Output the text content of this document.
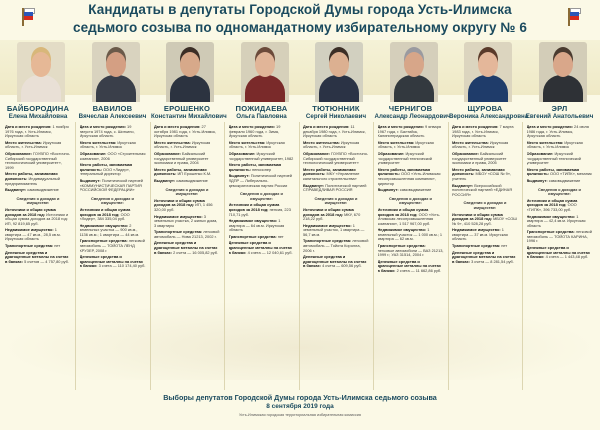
Кандидаты в депутаты Городской Думы города Усть-Илимска
седьмого созыва по одномандатному избирательному округу № 6
БАЙБОРОДИНА
Елена Михайловна

Дата и место рождения: 1 ноября 1976 года, г. Усть-Илимск, Иркутская область

Место жительства: Иркутская область, г. Усть-Илимск

Образование: ГОУВПО «Восточно-Сибирский государственный технологический университет», 1999

Место работы, занимаемая должность: Индивидуальный предприниматель

Выдвинут: самовыдвижение

Сведения о доходах и имуществе:

Источники и общая сумма доходов за 2018 год: Источники и общая сумма доходов за 2018 год: ИП, 92 819,65 руб.

Недвижимое имущество: 1 квартира — 47 кв.м., 28,5 кв.м. Иркутская область

Транспортные средства: нет

Денежные средства и драгоценные металлы на счетах в банках: 5 счетов — 4 757,80 руб.

ВАВИЛОВ
Вячеслав Алексеевич

Дата и место рождения: 19 августа 1974 года, с. Шиткино, Иркутская область

Место жительства: Иркутская область, г. Усть-Илимск

Образование: ООО «Строительная компания», 2006

Место работы, занимаемая должность: ООО «Лидер», генеральный директор

Выдвинут: Политической партией «КОММУНИСТИЧЕСКАЯ ПАРТИЯ РОССИЙСКОЙ ФЕДЕРАЦИИ»

Сведения о доходах и имуществе:

Источники и общая сумма доходов за 2018 год: ООО «Лидер», 384 335,04 руб.

Недвижимое имущество: 2 земельных участка — 900 кв.м., 1136 кв.м.; 1 квартира — 44 кв.м.

Транспортные средства: легковой автомобиль — ТОЙОТА ЛЕНД КРУЗЕР, 2008 г.

Денежные средства и драгоценные металлы на счетах в банках: 3 счета — 110 174,40 руб.

ЕРОШЕНКО
Константин Михайлович

Дата и место рождения: 27 октября 1981 года, г. Усть-Илимск, Иркутская область

Место жительства: Иркутская область, г. Усть-Илимск

Образование: Байкальский государственный университет экономики и права, 2004

Место работы, занимаемая должность: ИП Ерошенко К.М.

Выдвинут: самовыдвижение

Сведения о доходах и имуществе:

Источники и общая сумма доходов за 2018 год: ИП, 1 456 320,00 руб.

Недвижимое имущество: 3 земельных участка, 2 жилых дома, 3 квартиры

Транспортные средства: легковой автомобиль — Нива 21213, 2002 г.

Денежные средства и драгоценные металлы на счетах в банках: 2 счета — 16 005,82 руб.

ПОЖИДАЕВА
Ольга Павловна

Дата и место рождения: 19 февраля 1960 года, г. Зима, Иркутская область

Место жительства: Иркутская область, г. Усть-Илимск

Образование: Иркутский государственный университет, 1982

Место работы, занимаемая должность: пенсионер

Выдвинут: Политической партией ЛДПР — Либерально-демократическая партия России

Сведения о доходах и имуществе:

Источники и общая сумма доходов за 2018 год: пенсия, 223 710,71 руб.

Недвижимое имущество: 1 квартира — 64 кв.м. Иркутская область

Транспортные средства: нет

Денежные средства и драгоценные металлы на счетах в банках: 4 счета — 12 040,61 руб.

ТЮТЮННИК
Сергей Николаевич

Дата и место рождения: 11 декабря 1980 года, г. Усть-Илимск, Иркутская область

Место жительства: Иркутская область, г. Усть-Илимск

Образование: ГОУВПО «Восточно-Сибирский государственный технологический университет»

Место работы, занимаемая должность: МКУ «Управление капитального строительства»

Выдвинут: Политической партией СПРАВЕДЛИВАЯ РОССИЯ

Сведения о доходах и имуществе:

Источники и общая сумма доходов за 2018 год: МКУ, 670 218,22 руб.

Недвижимое имущество: 1 земельный участок, 1 квартира — 56,7 кв.м.

Транспортные средства: легковой автомобиль — Тойота Королла, 2006 г.

Денежные средства и драгоценные металлы на счетах в банках: 4 счета — 609,56 руб.

ЧЕРНИГОВ
Александр Леонардович

Дата и место рождения: 9 января 1967 года, г. Балтийск, Калининградская область

Место жительства: Иркутская область, г. Усть-Илимск

Образование: Иркутский государственный технический университет

Место работы, занимаемая должность: ООО «Усть-Илимская лесопромышленная компания», директор

Выдвинут: самовыдвижение

Сведения о доходах и имуществе:

Источники и общая сумма доходов за 2018 год: ООО «Усть-Илимская лесопромышленная компания», 1 517 967,00 руб.

Недвижимое имущество: 1 земельный участок — 1 000 кв.м.; 1 квартира — 62 кв.м.

Транспортные средства: легковые автомобили — ВАЗ 21213, 1999 г.; УАЗ 31514, 2004 г.

Денежные средства и драгоценные металлы на счетах в банках: 2 счета — 11 662,86 руб.

ЩУРОВА
Вероника Александровна

Дата и место рождения: 7 марта 1983 года, г. Усть-Илимск, Иркутская область

Место жительства: Иркутская область, г. Усть-Илимск

Образование: Байкальский государственный университет экономики и права, 2005

Место работы, занимаемая должность: МБОУ «СОШ № 9», учитель

Выдвинут: Всероссийской политической партией «ЕДИНАЯ РОССИЯ»

Сведения о доходах и имуществе:

Источники и общая сумма доходов за 2018 год: МБОУ «СОШ № 9», 410 528,28 руб.

Недвижимое имущество: 1 квартира — 37 кв.м. Иркутская область

Транспортные средства: нет

Денежные средства и драгоценные металлы на счетах в банках: 3 счета — 8 281,54 руб.

ЭРЛ
Евгений Анатольевич

Дата и место рождения: 24 июля 1986 года, г. Усть-Илимск, Иркутская область

Место жительства: Иркутская область, г. Усть-Илимск

Образование: Иркутский государственный технический университет

Место работы, занимаемая должность: ООО «ТИПК», механик

Выдвинут: самовыдвижение

Сведения о доходах и имуществе:

Источники и общая сумма доходов за 2018 год: ООО «ТИПК», 396 733,00 руб.

Недвижимое имущество: 1 квартира — 42,4 кв.м. Иркутская область

Транспортные средства: легковой автомобиль — ТОЙОТА КАРИНА, 1996 г.

Денежные средства и драгоценные металлы на счетах в банках: 4 счета — 1 443,48 руб.

Выборы депутатов Городской Думы города Усть-Илимска седьмого созыва
8 сентября 2019 года
Усть-Илимская городская территориальная избирательная комиссия
